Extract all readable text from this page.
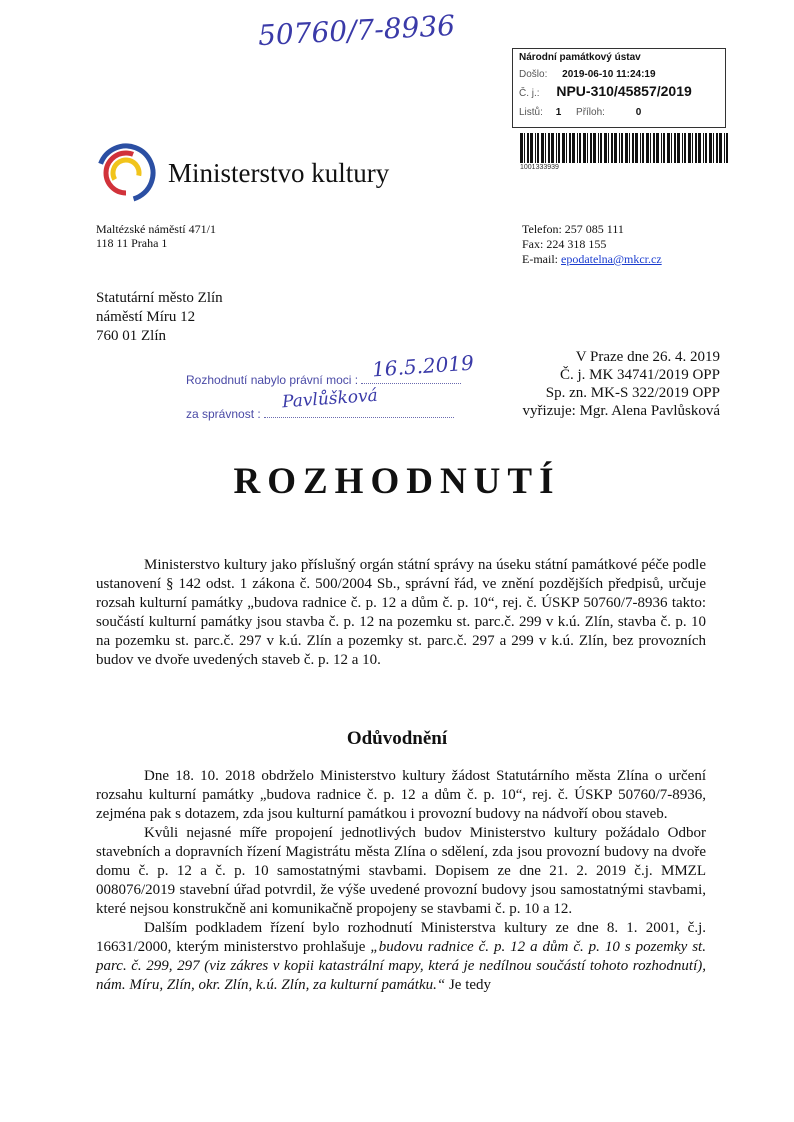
50760/7-8936
Národní památkový ústav
Došlo: 2019-06-10 11:24:19
Č. j.: NPU-310/45857/2019
Listů: 1 Příloh:	0
1001333939
Ministerstvo kultury
Maltézské náměstí 471/1
118 11 Praha 1
Telefon: 257 085 111
Fax: 224 318 155
E-mail: epodatelna@mkcr.cz
Statutární město Zlín
náměstí Míru 12
760 01 Zlín
Rozhodnutí nabylo právní moci : 16.5.2019
za správnost :
Pavlůšková
V Praze dne 26. 4. 2019
Č. j. MK 34741/2019 OPP
Sp. zn. MK-S 322/2019 OPP
vyřizuje: Mgr. Alena Pavlůsková
ROZHODNUTÍ
Ministerstvo kultury jako příslušný orgán státní správy na úseku státní památkové péče podle ustanovení § 142 odst. 1 zákona č. 500/2004 Sb., správní řád, ve znění pozdějších předpisů, určuje rozsah kulturní památky „budova radnice č. p. 12 a dům č. p. 10“, rej. č. ÚSKP 50760/7-8936 takto: součástí kulturní památky jsou stavba č. p. 12 na pozemku st. parc.č. 299 v k.ú. Zlín, stavba č. p. 10 na pozemku st. parc.č. 297 v k.ú. Zlín a pozemky st. parc.č. 297 a 299 v k.ú. Zlín, bez provozních budov ve dvoře uvedených staveb č. p. 12 a 10.
Odůvodnění
Dne 18. 10. 2018 obdrželo Ministerstvo kultury žádost Statutárního města Zlína o určení rozsahu kulturní památky „budova radnice č. p. 12 a dům č. p. 10“, rej. č. ÚSKP 50760/7-8936, zejména pak s dotazem, zda jsou kulturní památkou i provozní budovy na nádvoří obou staveb.
Kvůli nejasné míře propojení jednotlivých budov Ministerstvo kultury požádalo Odbor stavebních a dopravních řízení Magistrátu města Zlína o sdělení, zda jsou provozní budovy na dvoře domu č. p. 12 a č. p. 10 samostatnými stavbami. Dopisem ze dne 21. 2. 2019 č.j. MMZL 008076/2019 stavební úřad potvrdil, že výše uvedené provozní budovy jsou samostatnými stavbami, které nejsou konstrukčně ani komunikačně propojeny se stavbami č. p. 10 a 12.
Dalším podkladem řízení bylo rozhodnutí Ministerstva kultury ze dne 8. 1. 2001, č.j. 16631/2000, kterým ministerstvo prohlašuje „budovu radnice č. p. 12 a dům č. p. 10 s pozemky st. parc. č. 299, 297 (viz zákres v kopii katastrální mapy, která je nedílnou součástí tohoto rozhodnutí), nám. Míru, Zlín, okr. Zlín, k.ú. Zlín, za kulturní památku.“ Je tedy
